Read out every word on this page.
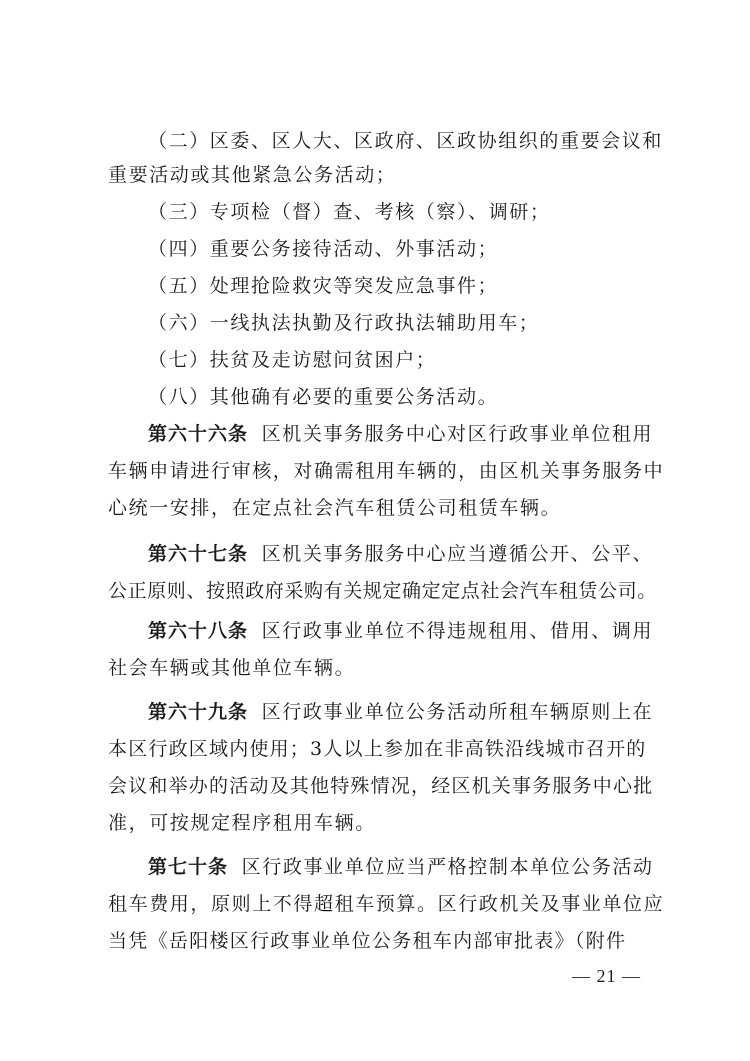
（二）区委、区人大、区政府、区政协组织的重要会议和
重要活动或其他紧急公务活动；
（三）专项检（督）查、考核（察）、调研；
（四）重要公务接待活动、外事活动；
（五）处理抢险救灾等突发应急事件；
（六）一线执法执勤及行政执法辅助用车；
（七）扶贫及走访慰问贫困户；
（八）其他确有必要的重要公务活动。
第六十六条 区机关事务服务中心对区行政事业单位租用
车辆申请进行审核，对确需租用车辆的，由区机关事务服务中
心统一安排，在定点社会汽车租赁公司租赁车辆。
第六十七条 区机关事务服务中心应当遵循公开、公平、
公正原则、按照政府采购有关规定确定定点社会汽车租赁公司。
第六十八条 区行政事业单位不得违规租用、借用、调用
社会车辆或其他单位车辆。
第六十九条 区行政事业单位公务活动所租车辆原则上在
本区行政区域内使用；3人以上参加在非高铁沿线城市召开的
会议和举办的活动及其他特殊情况，经区机关事务服务中心批
准，可按规定程序租用车辆。
第七十条 区行政事业单位应当严格控制本单位公务活动
租车费用，原则上不得超租车预算。区行政机关及事业单位应
当凭《岳阳楼区行政事业单位公务租车内部审批表》（附件
— 21 —
